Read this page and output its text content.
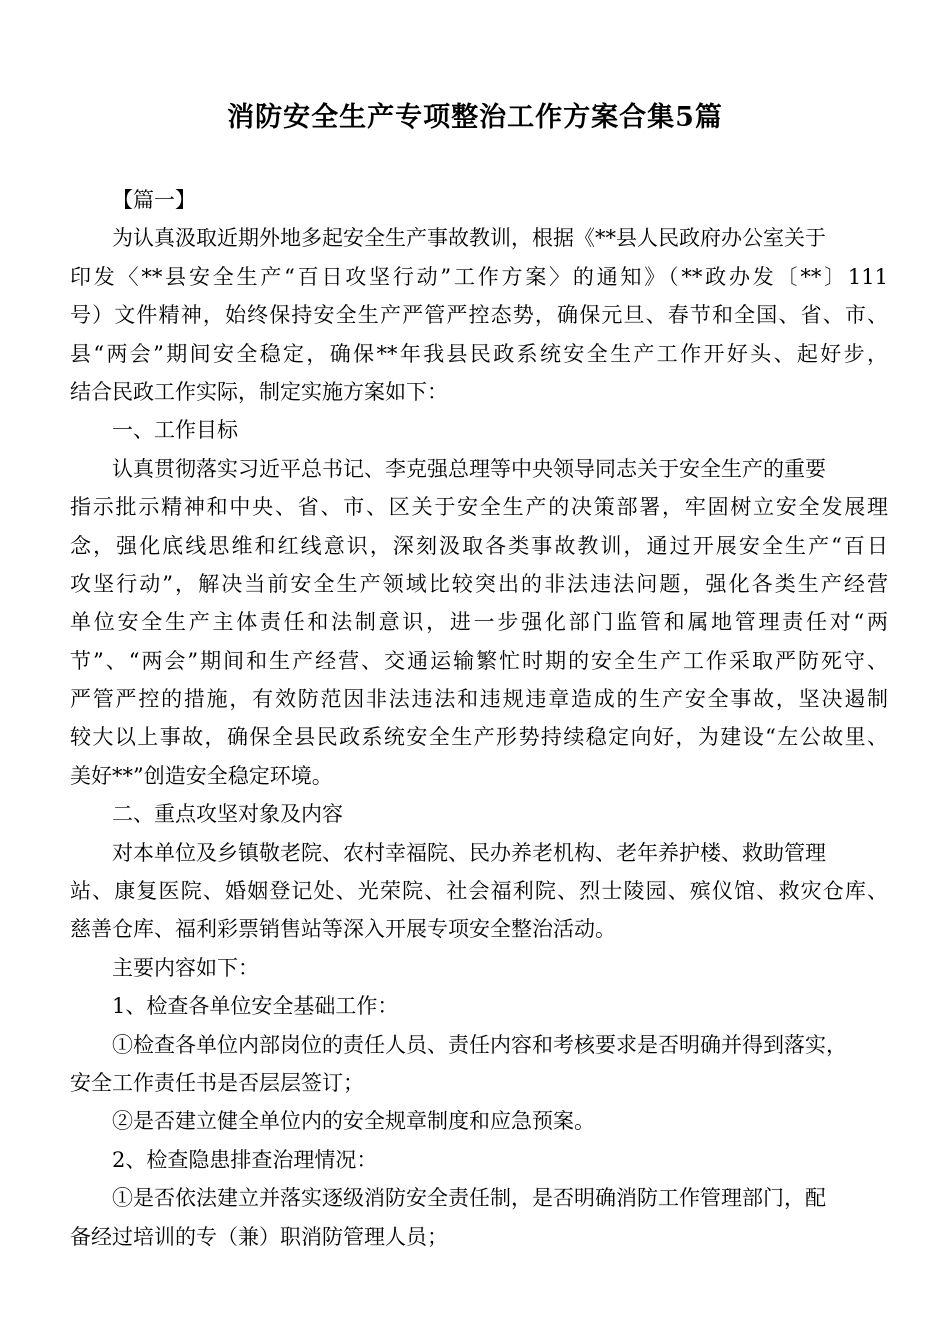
消防安全生产专项整治工作方案合集5篇
【篇一】
为认真汲取近期外地多起安全生产事故教训，根据《**县人民政府办公室关于
印发〈**县安全生产“百日攻坚行动”工作方案〉的通知》（**政办发〔**〕111
号）文件精神，始终保持安全生产严管严控态势，确保元旦、春节和全国、省、市、
县“两会”期间安全稳定，确保**年我县民政系统安全生产工作开好头、起好步，
结合民政工作实际，制定实施方案如下：
一、工作目标
认真贯彻落实习近平总书记、李克强总理等中央领导同志关于安全生产的重要
指示批示精神和中央、省、市、区关于安全生产的决策部署，牢固树立安全发展理
念，强化底线思维和红线意识，深刻汲取各类事故教训，通过开展安全生产“百日
攻坚行动”，解决当前安全生产领域比较突出的非法违法问题，强化各类生产经营
单位安全生产主体责任和法制意识，进一步强化部门监管和属地管理责任对“两
节”、“两会”期间和生产经营、交通运输繁忙时期的安全生产工作采取严防死守、
严管严控的措施，有效防范因非法违法和违规违章造成的生产安全事故，坚决遏制
较大以上事故，确保全县民政系统安全生产形势持续稳定向好，为建设“左公故里、
美好**”创造安全稳定环境。
二、重点攻坚对象及内容
对本单位及乡镇敬老院、农村幸福院、民办养老机构、老年养护楼、救助管理
站、康复医院、婚姻登记处、光荣院、社会福利院、烈士陵园、殡仪馆、救灾仓库、
慈善仓库、福利彩票销售站等深入开展专项安全整治活动。
主要内容如下：
1、检查各单位安全基础工作：
①检查各单位内部岗位的责任人员、责任内容和考核要求是否明确并得到落实，
安全工作责任书是否层层签订；
②是否建立健全单位内的安全规章制度和应急预案。
2、检查隐患排查治理情况：
①是否依法建立并落实逐级消防安全责任制，是否明确消防工作管理部门，配
备经过培训的专（兼）职消防管理人员；
